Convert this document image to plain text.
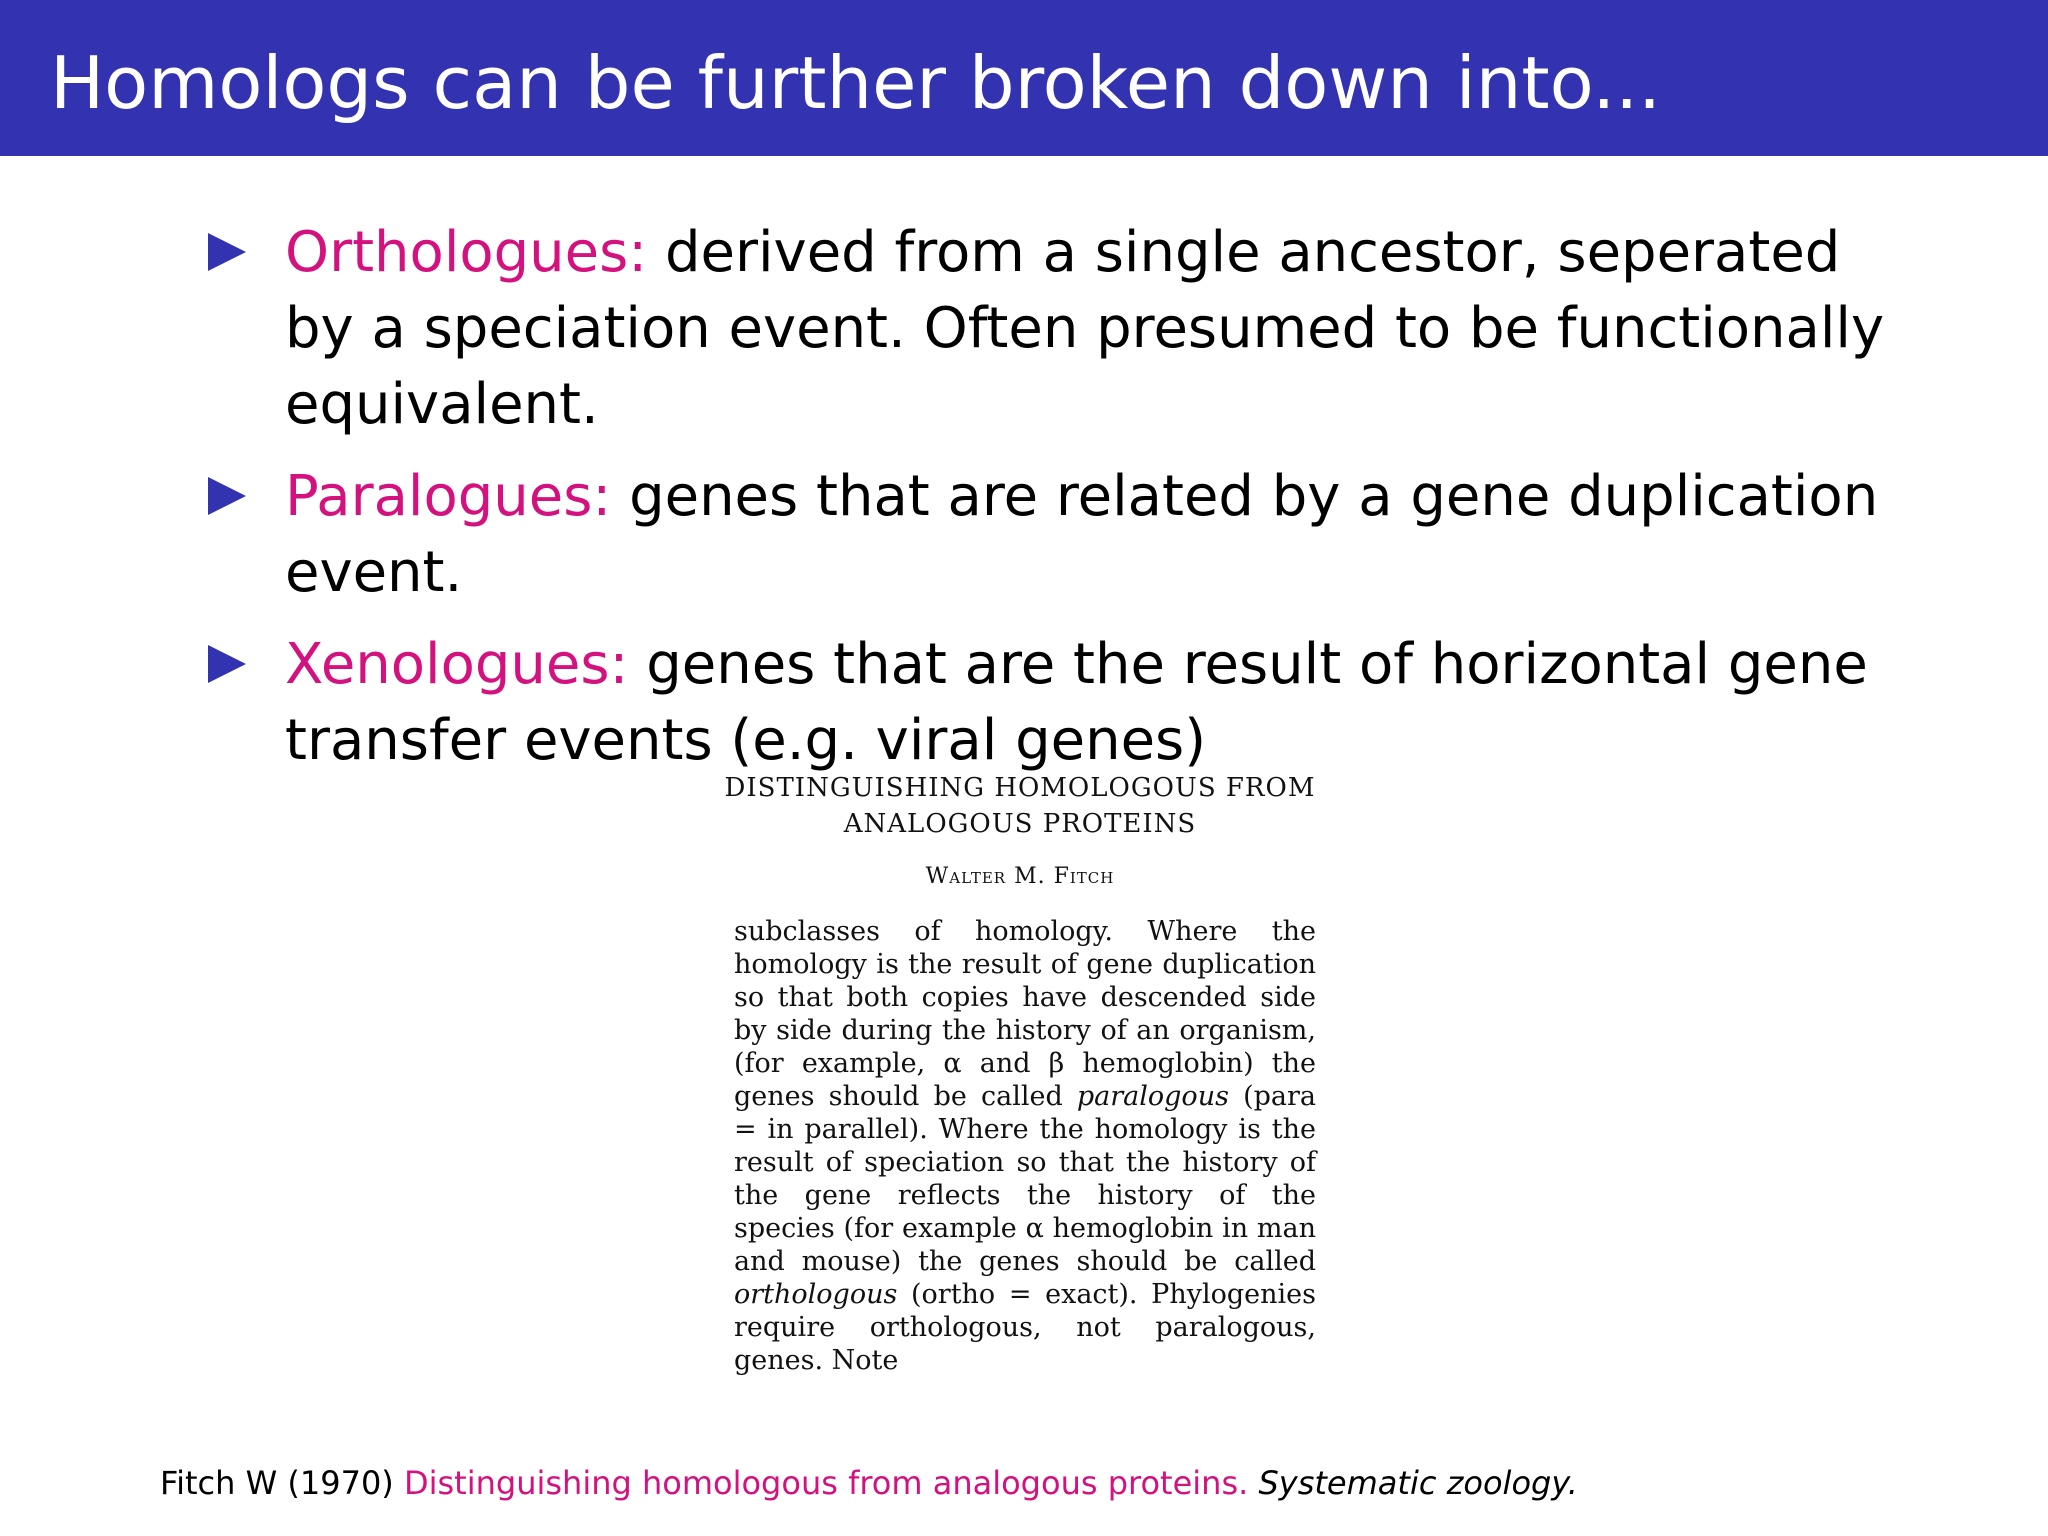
Homologs can be further broken down into...
Orthologues: derived from a single ancestor, seperated by a speciation event. Often presumed to be functionally equivalent.
Paralogues: genes that are related by a gene duplication event.
Xenologues: genes that are the result of horizontal gene transfer events (e.g. viral genes)
DISTINGUISHING HOMOLOGOUS FROM ANALOGOUS PROTEINS
Walter M. Fitch
subclasses of homology. Where the homology is the result of gene duplication so that both copies have descended side by side during the history of an organism, (for example, α and β hemoglobin) the genes should be called paralogous (para = in parallel). Where the homology is the result of speciation so that the history of the gene reflects the history of the species (for example α hemoglobin in man and mouse) the genes should be called orthologous (ortho = exact). Phylogenies require orthologous, not paralogous, genes. Note
Fitch W (1970) Distinguishing homologous from analogous proteins. Systematic zoology.
